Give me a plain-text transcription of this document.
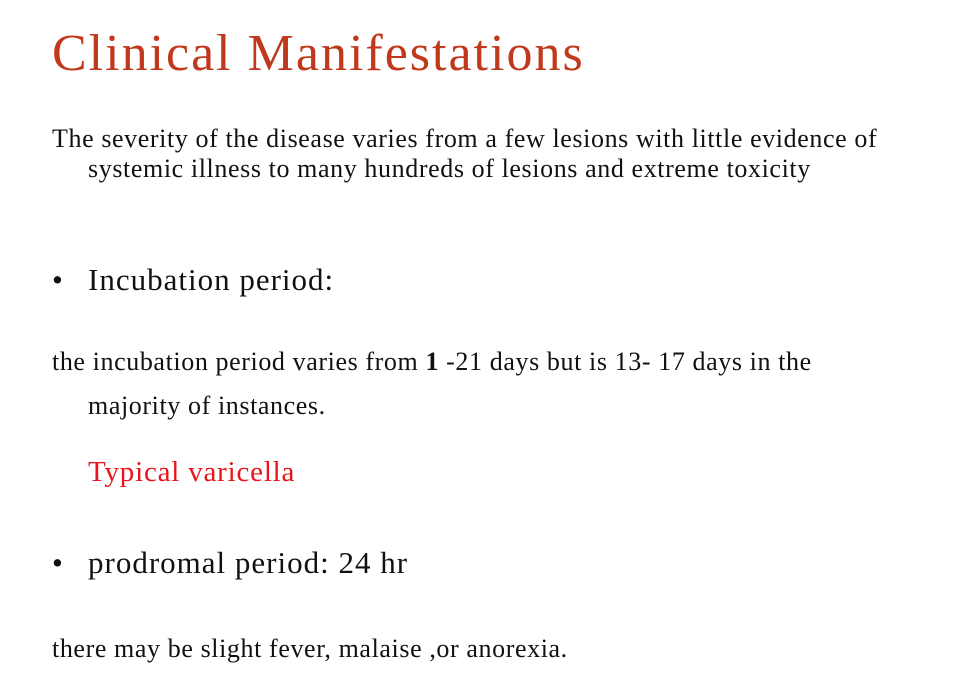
Clinical Manifestations

The severity of the disease varies from a few lesions with little evidence of systemic illness to many hundreds of lesions and extreme toxicity

• Incubation period:

the incubation period varies from 1 -21 days but is 13- 17 days in the majority of instances.

Typical varicella

• prodromal period: 24 hr

there may be slight fever, malaise ,or anorexia.
